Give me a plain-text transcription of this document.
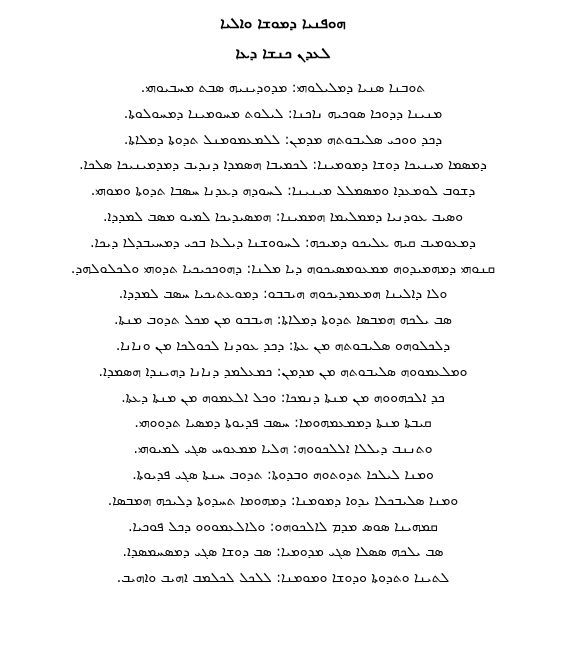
ܗܘܦܢܝܐ ܕܡܘܫܐ ܘܐܠܝܐ
ܠܥܕܢ ܟܢܫܐ ܕܥܐ
ܬܘܒܢܐ ܣܢܝܐ ܕܡܠܝܠܘܗܝ: ܡܕܘܕܝܢܝܗ ܣܒܬ ܡܚܒܝܘܗܝ.
ܡܢܝܢܐ ܕܕܘܟܐ ܣܘܟܝܗ ܢܐܟܢܐ: ܠܝܠܘܬ ܡܚܘܡܝܢܐ ܕܡܚܘܠܘܬܐ.
ܕܟܕ ܘܘܟܝ ܣܠܝܒܘܬܗ ܡܕܡܢ: ܠܠܡܥܡܘܡܢܠ ܬܕܘܬܐ ܕܡܠܐܬܐ.
ܕܡܣܡܐ ܡܝܢܝܟܐ ܕܘܫܐ ܕܡܘܡܝܢܐ: ܠܟܡܝܒܐ ܗܣܡܕܐ ܕܢܕܝܒ ܕܡܕܡܝܢܝܟܐ ܣܠܟܐ.
ܕܫܘܒ ܠܘܡܥܕܐ ܘܡܣܡܠܠ ܡܝܢܝܢܐ: ܠܚܘܕܗ ܕܥܕܢܐ ܚܣܒܐ ܬܕܘܬܐ ܘܡܘܗܝ.
ܘܣܝܒ ܥܘܕܢܝܐ ܕܡܡܠܝܡܐ ܗܡܡܝܢܐ: ܗܡܣܝܕܝܟܐ ܠܡܝܘ ܡܣܒ ܠܡܕܕܐ.
ܕܡܥܘܡܝܒ ܩܝܗ ܥܠܝܟܘ ܕܡܝܟܗ: ܠܚܘܘܫܢܐ ܕܝܠܥܐ ܒܟܝ ܕܡܚܝܒܕܠܐ ܕܝܟܐ.
ܩܢܘܗܝ ܕܡܗܡܝܕܘܗ ܡܡܥܘܡܣܝܟܘܗ ܕܝܐ ܡܠܢܐ: ܕܗܘܟܟܝܟܝܐ ܬܕܘܗܝ ܘܠܟܠܘܠܗܕ.
ܘܠܐ ܕܐܠܝܢܐ ܗܡܥܡܕܝܟܘܗ ܗܝܒܒܘ: ܕܡܘܥܬܝܟܝܐ ܚܣܒ ܠܡܕܕܐ.
ܣܒ ܝܠܟܗ ܗܡܒܣܐ ܬܕܘܬܐ ܕܡܠܐܬܐ: ܗܝܒܒܘ ܡܢ ܡܟܠ ܬܕܘܒ ܡܢܬܐ.
ܕܠܟܠܘܗܘ ܣܠܝܒܘܬܗ ܡܢ ܥܬܐ: ܕܟܕ ܥܘܕܢܐ ܠܟܘܠܟܐ ܡܢ ܘܢܐܢܐ.
ܘܡܠܥܡܘܘܗ ܣܠܝܒܘܬܗ ܡܢ ܡܕܡܢ: ܟܡܥܠܡܕ ܕܢܐܢܐ ܕܗܝܢܕܐ ܗܣܡܕܐ.
ܟܕ ܐܠܟܗܘܘܗ ܡܢ ܡܢܬܐ ܕܢܡܟܐ: ܘܟܠ ܐܠܥܡܘܗ ܡܢ ܡܢܬܐ ܕܥܬܐ.
ܩܝܒܬܐ ܡܢܬܐ ܕܡܡܥܡܗܘܡܐ: ܚܣܒ ܦܕܝܘܬܐ ܕܡܣܝܐ ܬܕܘܘܗܝ.
ܘܬܢܢܒ ܕܝܠܠܐ ܐܠܠܟܘܘܗ: ܗܠܝܐ ܡܡܥܘܚ ܣܓܝ ܠܡܝܘܗܝ.
ܘܡܢܐ ܠܝܠܟܐ ܬܕܘܬܘܗ ܘܒܕܘܬܐ: ܬܕܘܒ ܚܢܬܐ ܣܓܝ ܦܕܝܘܬܐ.
ܘܡܢܐ ܣܠܝܒܟܠܐ ܝܕܘܐ ܕܡܘܡܢܐ: ܕܡܗܘܡܐ ܬܚܕܘܬܐ ܕܠܝܟܗ ܗܡܒܣܐ.
ܩܡܗܝܢܐ ܣܘܣ ܡܕܡ ܠܐܠܟܘܗܘ: ܘܠܐܠܥܡܘܘܘ ܕܟܠ ܦܘܟܝܐ.
ܣܒ ܝܠܟܗ ܣܣܠܐ ܣܓܝ ܡܕܘܡܝܐ: ܣܒ ܕܘܫܐ ܣܓܝ ܕܡܣܚܡܣܕܐ.
ܠܬܝܢܐ ܘܬܕܘܬܐ ܘܕܘܫܐ ܘܡܘܡܢܐ: ܠܠܟܠ ܠܟܠܡܒ ܐܗܝܒ ܘܐܗܝܒ.
